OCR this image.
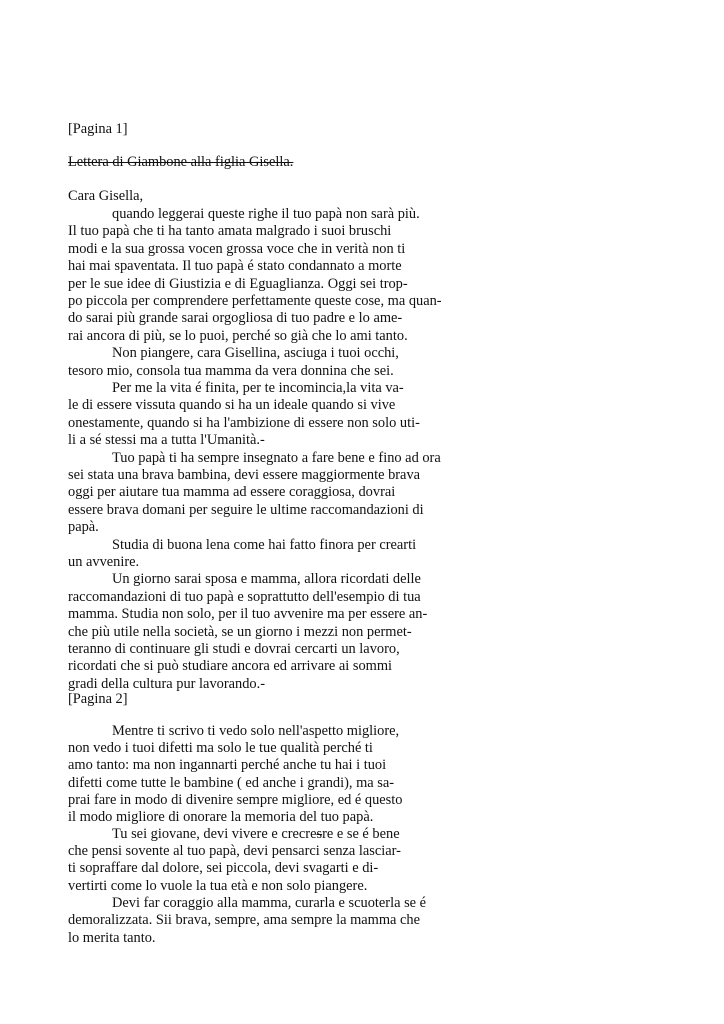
[Pagina 1]
Lettera di Giambone alla figlia Gisella.
Cara Gisella,
quando leggerai queste righe il tuo papà non sarà più.
Il tuo papà che ti ha tanto amata malgrado i suoi bruschi
modi e la sua grossa vocen grossa voce che in verità non ti
hai mai spaventata. Il tuo papà é stato condannato a morte
per le sue idee di Giustizia e di Eguaglianza. Oggi sei trop-
po piccola per comprendere perfettamente queste cose, ma quan-
do sarai più grande sarai orgogliosa di tuo padre e lo ame-
rai ancora di più, se lo puoi, perché so già che lo ami tanto.
Non piangere, cara Gisellina, asciuga i tuoi occhi,
tesoro mio, consola tua mamma da vera donnina che sei.
Per me la vita é finita, per te incomincia,la vita va-
le di essere vissuta quando si ha un ideale quando si vive
onestamente, quando si ha l'ambizione di essere non solo uti-
li a sé stessi ma a tutta l'Umanità.-
Tuo papà ti ha sempre insegnato a fare bene e fino ad ora
sei stata una brava bambina, devi essere maggiormente brava
oggi per aiutare tua mamma ad essere coraggiosa, dovrai
essere brava domani per seguire le ultime raccomandazioni di
papà.
Studia di buona lena come hai fatto finora per crearti
un avvenire.
Un giorno sarai sposa e mamma, allora ricordati delle
raccomandazioni di tuo papà e soprattutto dell'esempio di tua
mamma. Studia non solo, per il tuo avvenire ma per essere an-
che più utile nella società, se un giorno i mezzi non permet-
teranno di continuare gli studi e dovrai cercarti un lavoro,
ricordati che si può studiare ancora ed arrivare ai sommi
gradi della cultura pur lavorando.-
[Pagina 2]
Mentre ti scrivo ti vedo solo nell'aspetto migliore,
non vedo i tuoi difetti ma solo le tue qualità perché ti
amo tanto: ma non ingannarti perché anche tu hai i tuoi
difetti come tutte le bambine ( ed anche i grandi), ma sa-
prai fare in modo di divenire sempre migliore, ed é questo
il modo migliore di onorare la memoria del tuo papà.
Tu sei giovane, devi vivere e crecresre e se é bene
che pensi sovente al tuo papà, devi pensarci senza lasciar-
ti sopraffare dal dolore, sei piccola, devi svagarti e di-
vertirti come lo vuole la tua età e non solo piangere.
Devi far coraggio alla mamma, curarla e scuoterla se é
demoralizzata. Sii brava, sempre, ama sempre la mamma che
lo merita tanto.
